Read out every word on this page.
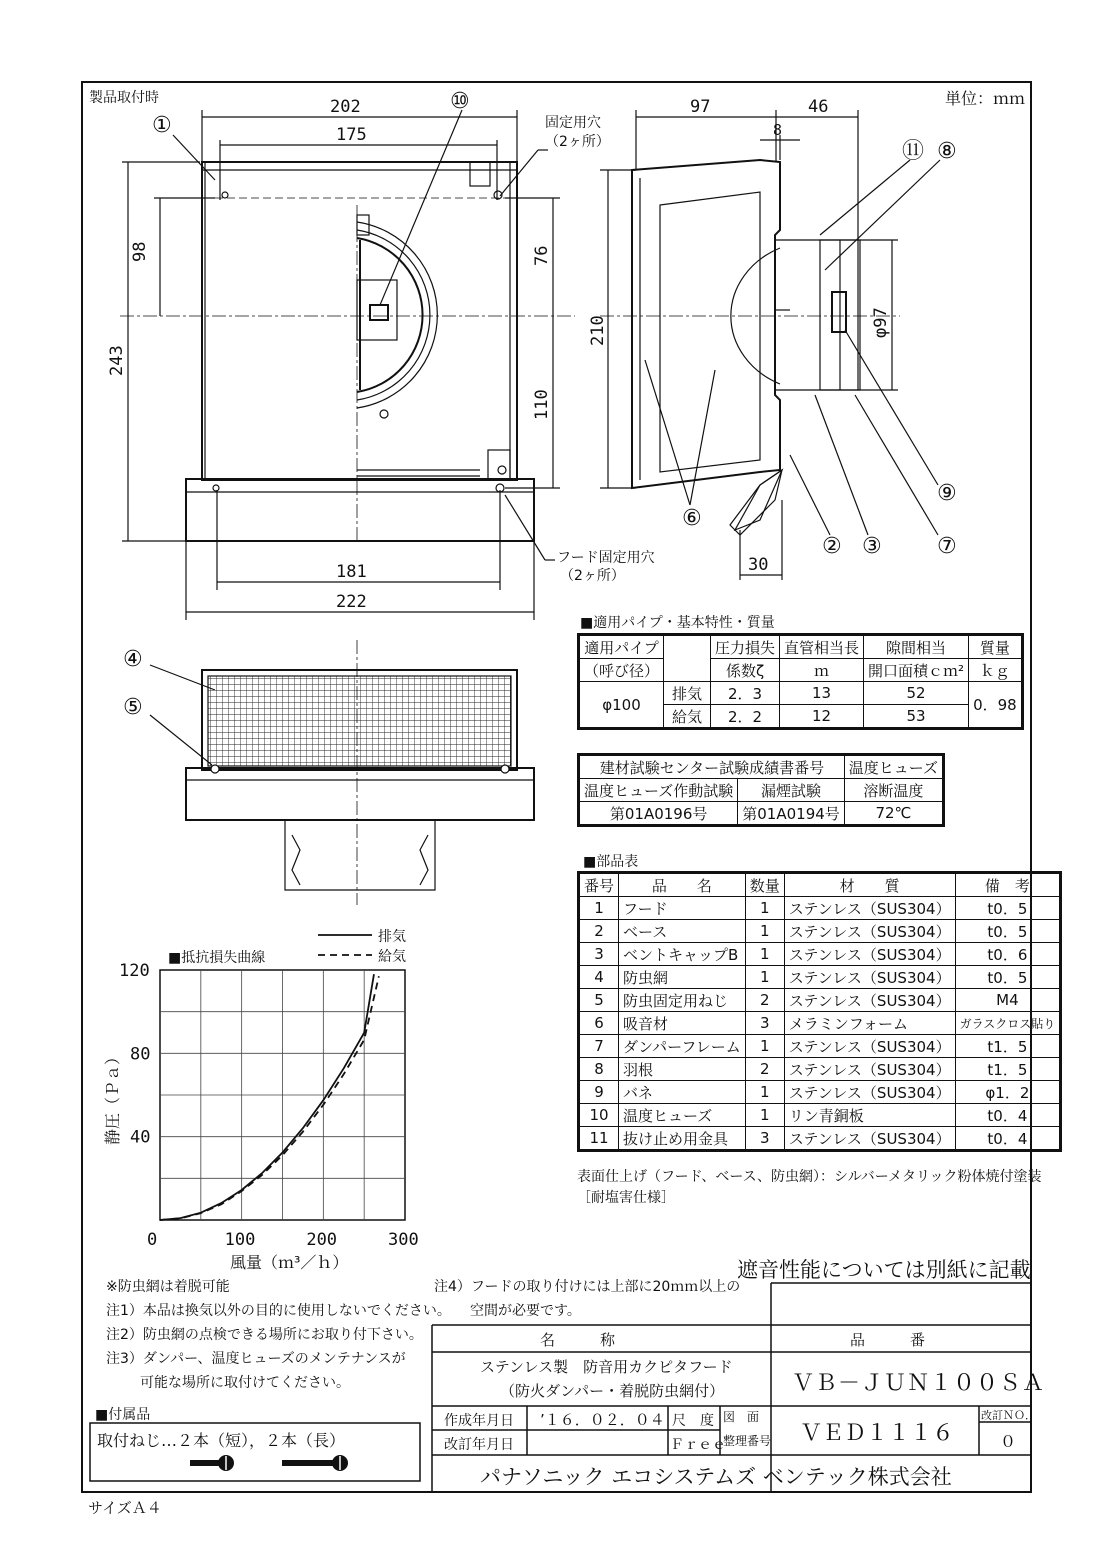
製品取付時	単位：ｍｍ
202
175
181
222
98
243
76
110
①
⑩
固定用穴
（2ヶ所）
フード固定用穴
（2ヶ所）
97	46
8
210	φ97
30
⑪ ⑧
⑨
⑥
② ③	⑦
④
⑤
0	100	200	300
40
80
120
■抵抗損失曲線
風量（ｍ³／ｈ）
静圧（Ｐａ）
排気
給気
■適用パイプ・基本特性・質量
適用パイプ		圧力損失	直管相当長	隙間相当	質量
（呼び径）		係数ζ	ｍ	開口面積ｃｍ²	ｋｇ
φ100	排気	2．3	13	52	0．98
	給気	2．2	12	53	
建材試験センター試験成績書番号		温度ヒューズ
温度ヒューズ作動試験	漏煙試験	溶断温度
第01A0196号	第01A0194号	72℃
■部品表
番号	品　　名	数量	材　　質	備　考
1	フード	1	ステンレス（SUS304）	t0．5
2	ベース	1	ステンレス（SUS304）	t0．5
3	ベントキャップB	1	ステンレス（SUS304）	t0．6
4	防虫網	1	ステンレス（SUS304）	t0．5
5	防虫固定用ねじ	2	ステンレス（SUS304）	M4
6	吸音材	3	メラミンフォーム	ガラスクロス貼り
7	ダンパーフレーム	1	ステンレス（SUS304）	t1．5
8	羽根	2	ステンレス（SUS304）	t1．5
9	バネ	1	ステンレス（SUS304）	φ1．2
10	温度ヒューズ	1	リン青銅板	t0．4
11	抜け止め用金具	3	ステンレス（SUS304）	t0．4
表面仕上げ（フード、ベース、防虫網）：シルバーメタリック粉体焼付塗装
［耐塩害仕様］
※防虫網は着脱可能
注1）本品は換気以外の目的に使用しないでください。
注2）防虫網の点検できる場所にお取り付下さい。
注3）ダンパー、温度ヒューズのメンテナンスが
可能な場所に取付けてください。
注4）フードの取り付けには上部に20ｍｍ以上の
空間が必要です。
遮音性能については別紙に記載
名　　　称	品　　　番
ステンレス製　防音用カクピタフード
（防火ダンパー・着脱防虫網付）	ＶＢ－ＪＵＮ１００ＳＡ
作成年月日 ’１６．０２．０４
改訂年月日
尺　度
Ｆｒｅｅ
図　面
整理番号 ＶＥＤ１１１６
改訂ＮＯ．
０
パナソニック エコシステムズ ベンテック株式会社
■付属品
取付ねじ…２本（短），２本（長）
サイズＡ４
